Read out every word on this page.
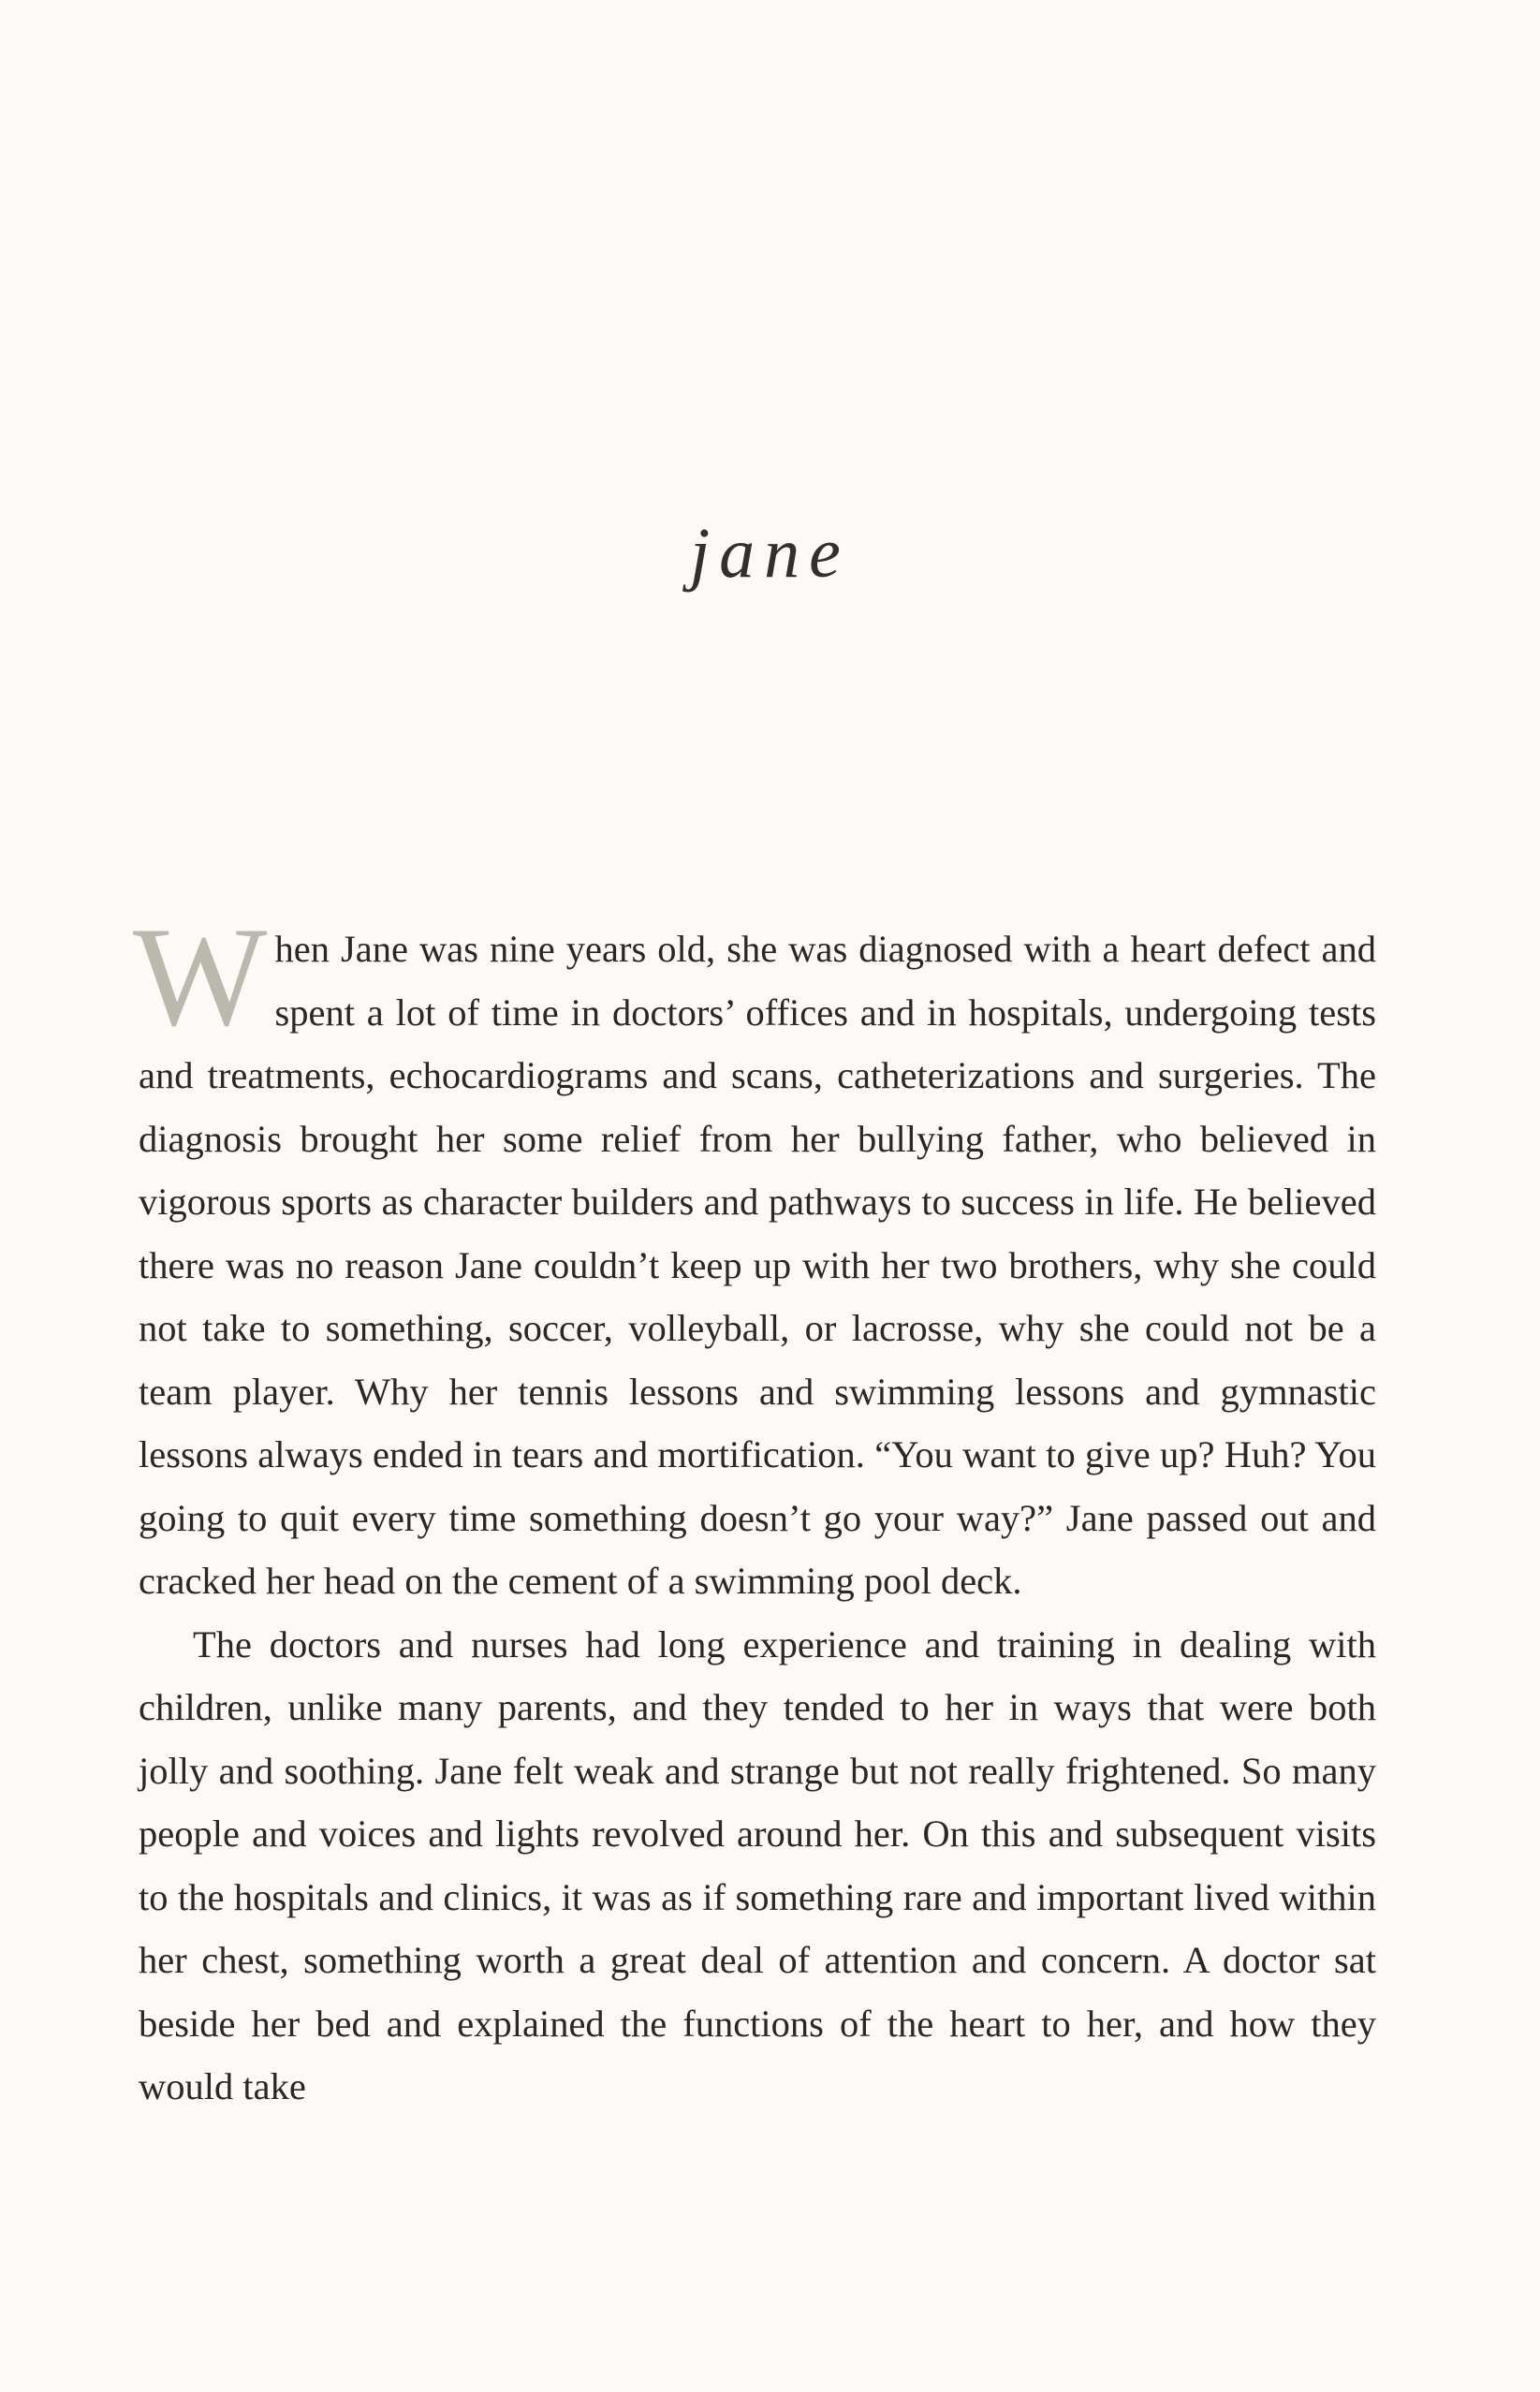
jane

When Jane was nine years old, she was diagnosed with a heart defect and spent a lot of time in doctors’ offices and in hospitals, undergoing tests and treatments, echocardiograms and scans, catheterizations and surgeries. The diagnosis brought her some relief from her bullying father, who believed in vigorous sports as character builders and pathways to success in life. He believed there was no reason Jane couldn’t keep up with her two brothers, why she could not take to something, soccer, volleyball, or lacrosse, why she could not be a team player. Why her tennis lessons and swimming lessons and gymnastic lessons always ended in tears and mortification. “You want to give up? Huh? You going to quit every time something doesn’t go your way?” Jane passed out and cracked her head on the cement of a swimming pool deck.

The doctors and nurses had long experience and training in dealing with children, unlike many parents, and they tended to her in ways that were both jolly and soothing. Jane felt weak and strange but not really frightened. So many people and voices and lights revolved around her. On this and subsequent visits to the hospitals and clinics, it was as if something rare and important lived within her chest, something worth a great deal of attention and concern. A doctor sat beside her bed and explained the functions of the heart to her, and how they would take
